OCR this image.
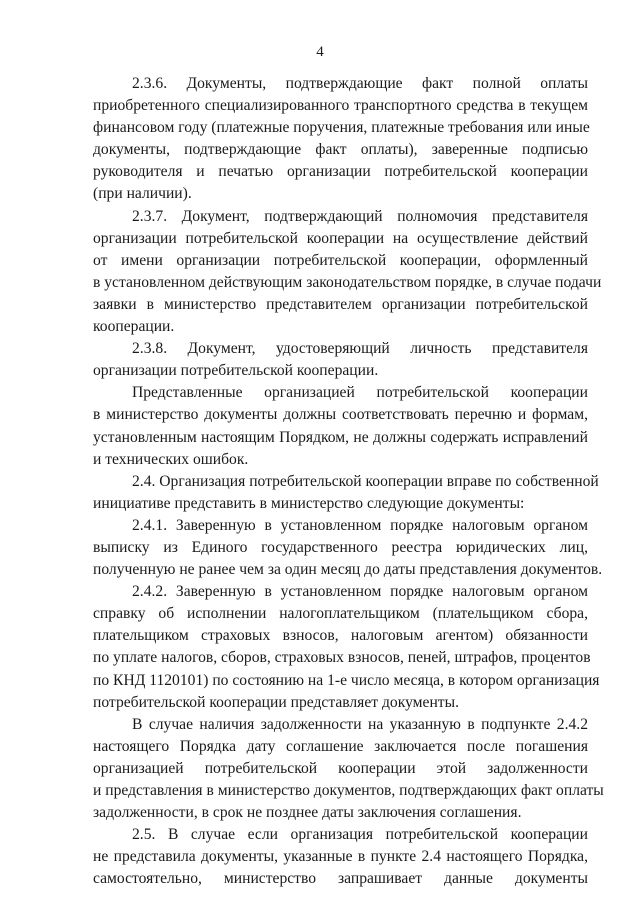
4
2.3.6. Документы, подтверждающие факт полной оплаты
приобретенного специализированного транспортного средства в текущем
финансовом году (платежные поручения, платежные требования или иные
документы, подтверждающие факт оплаты), заверенные подписью
руководителя и печатью организации потребительской кооперации
(при наличии).
2.3.7. Документ, подтверждающий полномочия представителя
организации потребительской кооперации на осуществление действий
от имени организации потребительской кооперации, оформленный
в установленном действующим законодательством порядке, в случае подачи
заявки в министерство представителем организации потребительской
кооперации.
2.3.8. Документ, удостоверяющий личность представителя
организации потребительской кооперации.
Представленные организацией потребительской кооперации
в министерство документы должны соответствовать перечню и формам,
установленным настоящим Порядком, не должны содержать исправлений
и технических ошибок.
2.4. Организация потребительской кооперации вправе по собственной
инициативе представить в министерство следующие документы:
2.4.1. Заверенную в установленном порядке налоговым органом
выписку из Единого государственного реестра юридических лиц,
полученную не ранее чем за один месяц до даты представления документов.
2.4.2. Заверенную в установленном порядке налоговым органом
справку об исполнении налогоплательщиком (плательщиком сбора,
плательщиком страховых взносов, налоговым агентом) обязанности
по уплате налогов, сборов, страховых взносов, пеней, штрафов, процентов
по КНД 1120101) по состоянию на 1-е число месяца, в котором организация
потребительской кооперации представляет документы.
В случае наличия задолженности на указанную в подпункте 2.4.2
настоящего Порядка дату соглашение заключается после погашения
организацией потребительской кооперации этой задолженности
и представления в министерство документов, подтверждающих факт оплаты
задолженности, в срок не позднее даты заключения соглашения.
2.5. В случае если организация потребительской кооперации
не представила документы, указанные в пункте 2.4 настоящего Порядка,
самостоятельно, министерство запрашивает данные документы
